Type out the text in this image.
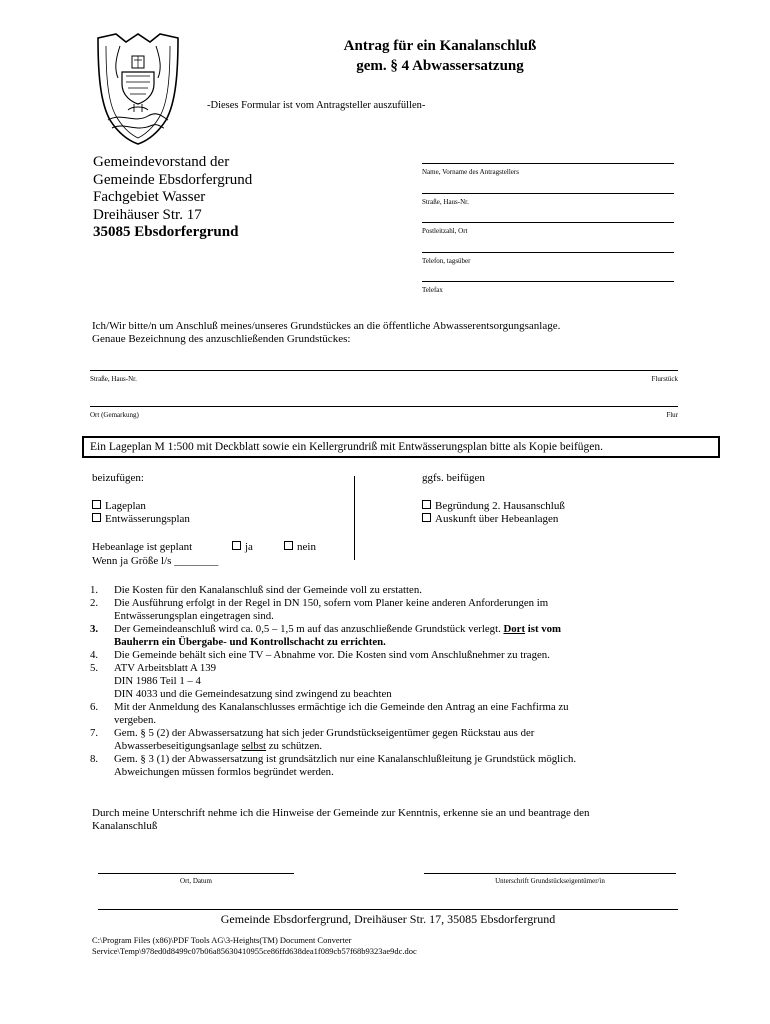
Antrag für ein Kanalanschluß
gem. § 4 Abwassersatzung
-Dieses Formular ist vom Antragsteller auszufüllen-
Gemeindevorstand der
Gemeinde Ebsdorfergrund
Fachgebiet Wasser
Dreihäuser Str. 17
35085 Ebsdorfergrund
Name, Vorname des Antragstellers
Straße, Haus-Nr.
Postleitzahl, Ort
Telefon, tagsüber
Telefax
Ich/Wir bitte/n um Anschluß meines/unseres Grundstückes an die öffentliche Abwasserentsorgungsanlage.
Genaue Bezeichnung des anzuschließenden Grundstückes:
Straße, Haus-Nr.	Flurstück
Ort (Gemarkung)	Flur
Ein Lageplan M 1:500 mit Deckblatt sowie ein Kellergrundriß mit Entwässerungsplan bitte als Kopie beifügen.
beizufügen:	ggfs. beifügen
Lageplan
Entwässerungsplan
Begründung 2. Hausanschluß
Auskunft über Hebeanlagen
Hebeanlage ist geplant	ja	nein
Wenn ja Größe l/s ________
1.	Die Kosten für den Kanalanschluß sind der Gemeinde voll zu erstatten.
2.	Die Ausführung erfolgt in der Regel in DN 150, sofern vom Planer keine anderen Anforderungen im
Entwässerungsplan eingetragen sind.
3.	Der Gemeindeanschluß wird ca. 0,5 – 1,5 m auf das anzuschließende Grundstück verlegt. Dort ist vom
Bauherrn ein Übergabe- und Kontrollschacht zu errichten.
4.	Die Gemeinde behält sich eine TV – Abnahme vor. Die Kosten sind vom Anschlußnehmer zu tragen.
5.	ATV Arbeitsblatt A 139
DIN 1986 Teil 1 – 4
DIN 4033 und die Gemeindesatzung sind zwingend zu beachten
6.	Mit der Anmeldung des Kanalanschlusses ermächtige ich die Gemeinde den Antrag an eine Fachfirma zu
vergeben.
7.	Gem. § 5 (2) der Abwassersatzung hat sich jeder Grundstückseigentümer gegen Rückstau aus der
Abwasserbeseitigungsanlage selbst zu schützen.
8.	Gem. § 3 (1) der Abwassersatzung ist grundsätzlich nur eine Kanalanschlußleitung je Grundstück möglich.
Abweichungen müssen formlos begründet werden.
Durch meine Unterschrift nehme ich die Hinweise der Gemeinde zur Kenntnis, erkenne sie an und beantrage den
Kanalanschluß
Ort, Datum	Unterschrift Grundstückseigentümer/in
Gemeinde Ebsdorfergrund, Dreihäuser Str. 17, 35085 Ebsdorfergrund
C:\Program Files (x86)\PDF Tools AG\3-Heights(TM) Document Converter
Service\Temp\978ed0d8499c07b06a85630410955ce86ffd638dea1f089cb57f68b9323ae9dc.doc
